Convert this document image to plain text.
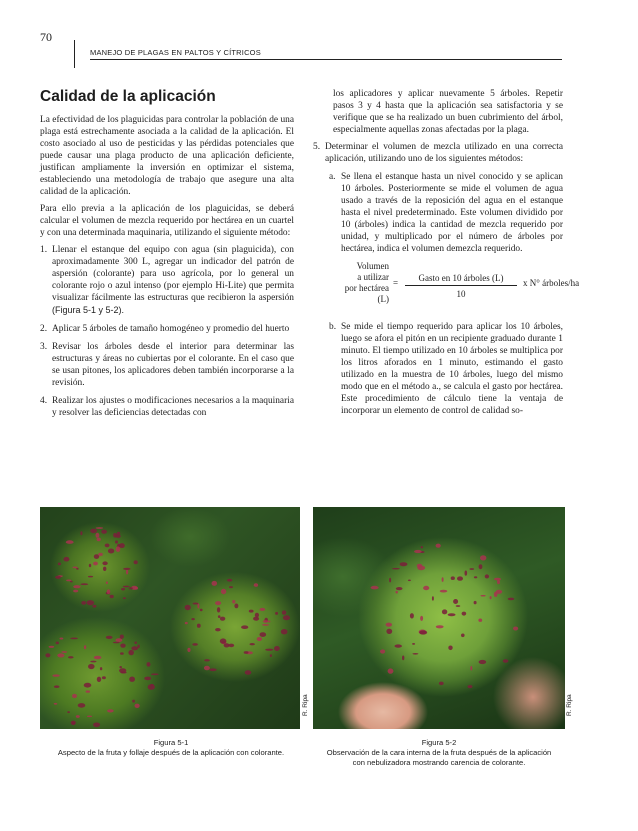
70
MANEJO DE PLAGAS EN PALTOS Y CÍTRICOS
Calidad de la aplicación

La efectividad de los plaguicidas para controlar la población de una plaga está estrechamente asociada a la calidad de la aplicación. El costo asociado al uso de pesticidas y las pérdidas potenciales que puede causar una plaga producto de una aplicación deficiente, justifican ampliamente la inversión en optimizar el sistema, estableciendo una metodología de trabajo que asegure una alta calidad de la aplicación.

Para ello previa a la aplicación de los plaguicidas, se deberá calcular el volumen de mezcla requerido por hectárea en un cuartel y con una determinada maquinaria, utilizando el siguiente método:

1. Llenar el estanque del equipo con agua (sin plaguicida), con aproximadamente 300 L, agregar un indicador del patrón de aspersión (colorante) para uso agrícola, por lo general un colorante rojo o azul intenso (por ejemplo Hi-Lite) que permita visualizar fácilmente las estructuras que recibieron la aspersión (Figura 5-1 y 5-2).
2. Aplicar 5 árboles de tamaño homogéneo y promedio del huerto
3. Revisar los árboles desde el interior para determinar las estructuras y áreas no cubiertas por el colorante. En el caso que se usan pitones, los aplicadores deben también incorporarse a la revisión.
4. Realizar los ajustes o modificaciones necesarios a la maquinaria y resolver las deficiencias detectadas con

los aplicadores y aplicar nuevamente 5 árboles. Repetir pasos 3 y 4 hasta que la aplicación sea satisfactoria y se verifique que se ha realizado un buen cubrimiento del árbol, especialmente aquellas zonas afectadas por la plaga.

5. Determinar el volumen de mezcla utilizado en una correcta aplicación, utilizando uno de los siguientes métodos:
a. Se llena el estanque hasta un nivel conocido y se aplican 10 árboles. Posteriormente se mide el volumen de agua usado a través de la reposición del agua en el estanque hasta el nivel predeterminado. Este volumen dividido por 10 (árboles) indica la cantidad de mezcla requerido por unidad, y multiplicado por el número de árboles por hectárea, indica el volumen demezcla requerido.
Volumen
a utilizar
por hectárea
(L)
=	Gasto en 10 árboles (L)
10
x N° árboles/ha
b. Se mide el tiempo requerido para aplicar los 10 árboles, luego se afora el pitón en un recipiente graduado durante 1 minuto. El tiempo utilizado en 10 árboles se multiplica por los litros aforados en 1 minuto, estimando el gasto utilizado en la muestra de 10 árboles, luego del mismo modo que en el método a., se calcula el gasto por hectárea. Este procedimiento de cálculo tiene la ventaja de incorporar un elemento de control de calidad so-
R. Ripa	R. Ripa
Figura 5-1
Aspecto de la fruta y follaje después de la aplicación con colorante.
Figura 5-2
Observación de la cara interna de la fruta después de la aplicación
con nebulizadora mostrando carencia de colorante.
